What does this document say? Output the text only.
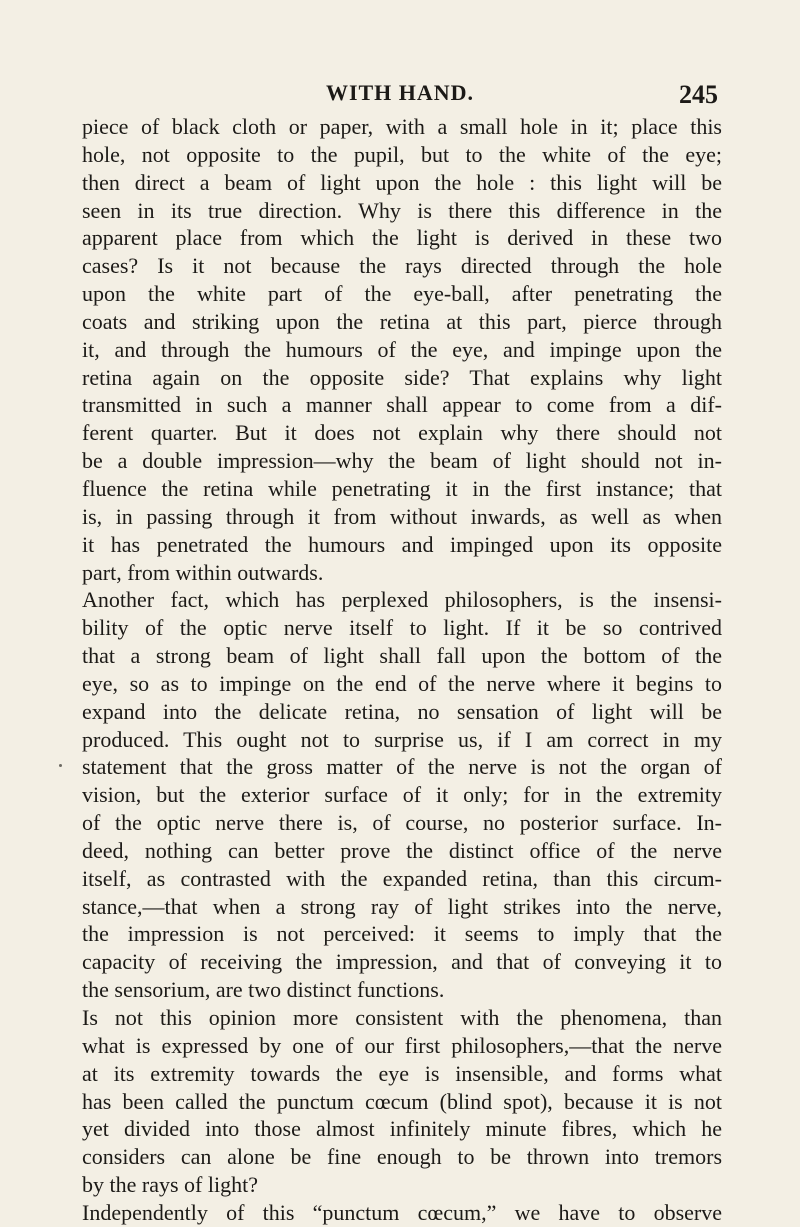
WITH HAND.	245
piece of black cloth or paper, with a small hole in it; place this
hole, not opposite to the pupil, but to the white of the eye;
then direct a beam of light upon the hole : this light will be
seen in its true direction. Why is there this difference in the
apparent place from which the light is derived in these two
cases? Is it not because the rays directed through the hole
upon the white part of the eye-ball, after penetrating the
coats and striking upon the retina at this part, pierce through
it, and through the humours of the eye, and impinge upon the
retina again on the opposite side? That explains why light
transmitted in such a manner shall appear to come from a dif-
ferent quarter. But it does not explain why there should not
be a double impression—why the beam of light should not in-
fluence the retina while penetrating it in the first instance; that
is, in passing through it from without inwards, as well as when
it has penetrated the humours and impinged upon its opposite
part, from within outwards.
Another fact, which has perplexed philosophers, is the insensi-
bility of the optic nerve itself to light. If it be so contrived
that a strong beam of light shall fall upon the bottom of the
eye, so as to impinge on the end of the nerve where it begins to
expand into the delicate retina, no sensation of light will be
produced. This ought not to surprise us, if I am correct in my
statement that the gross matter of the nerve is not the organ of
vision, but the exterior surface of it only; for in the extremity
of the optic nerve there is, of course, no posterior surface. In-
deed, nothing can better prove the distinct office of the nerve
itself, as contrasted with the expanded retina, than this circum-
stance,—that when a strong ray of light strikes into the nerve,
the impression is not perceived: it seems to imply that the
capacity of receiving the impression, and that of conveying it to
the sensorium, are two distinct functions.
Is not this opinion more consistent with the phenomena, than
what is expressed by one of our first philosophers,—that the nerve
at its extremity towards the eye is insensible, and forms what
has been called the punctum cœcum (blind spot), because it is not
yet divided into those almost infinitely minute fibres, which he
considers can alone be fine enough to be thrown into tremors
by the rays of light?
Independently of this “punctum cœcum,” we have to observe
